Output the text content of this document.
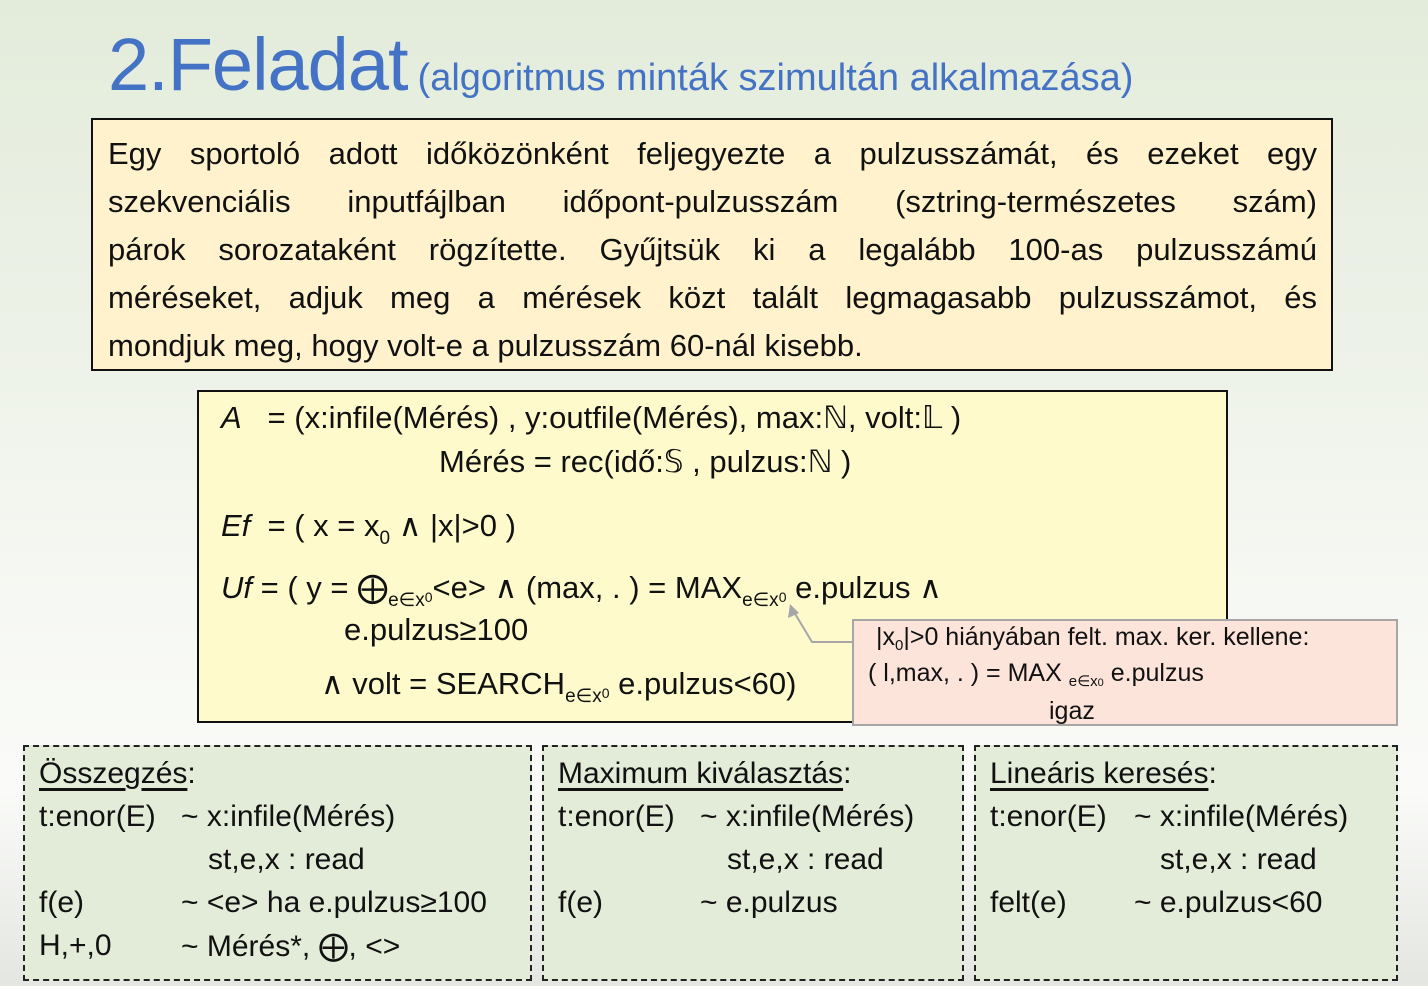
2.Feladat (algoritmus minták szimultán alkalmazása)
Egy sportoló adott időközönként feljegyezte a pulzusszámát, és ezeket egy
szekvenciális inputfájlban időpont-pulzusszám (sztring-természetes szám)
párok sorozataként rögzítette. Gyűjtsük ki a legalább 100-as pulzusszámú
méréseket, adjuk meg a mérések közt talált legmagasabb pulzusszámot, és
mondjuk meg, hogy volt-e a pulzusszám 60-nál kisebb.
A = (x:infile(Mérés) , y:outfile(Mérés), max:ℕ, volt:𝕃 )
Mérés = rec(idő:𝕊 , pulzus:ℕ )
Ef = ( $x = x_0$ ∧ |x|>0 )
Uf = ( $y = ⨁_{e\in x}0<e>$ ∧ (max, . ) = $MAX_{e\in x}0$ e.pulzus ∧
e.pulzus≥100
∧ volt = $SEARCH_{e\in x}0$ e.pulzus<60)
$|x_0|>0$ hiányában felt. max. ker. kellene:
( l,max, . ) = MAX $_{e\in x0}$ e.pulzus
igaz
Összegzés:
t:enor(E) ~ x:infile(Mérés)
st,e,x : read
f(e)	~ <e> ha e.pulzus≥100
H,+,0 ~ Mérés*, ⨁, <>
Maximum kiválasztás:
t:enor(E) ~ x:infile(Mérés)
st,e,x : read
f(e)	~ e.pulzus
Lineáris keresés:
t:enor(E) ~ x:infile(Mérés)
st,e,x : read
felt(e) ~ e.pulzus<60
